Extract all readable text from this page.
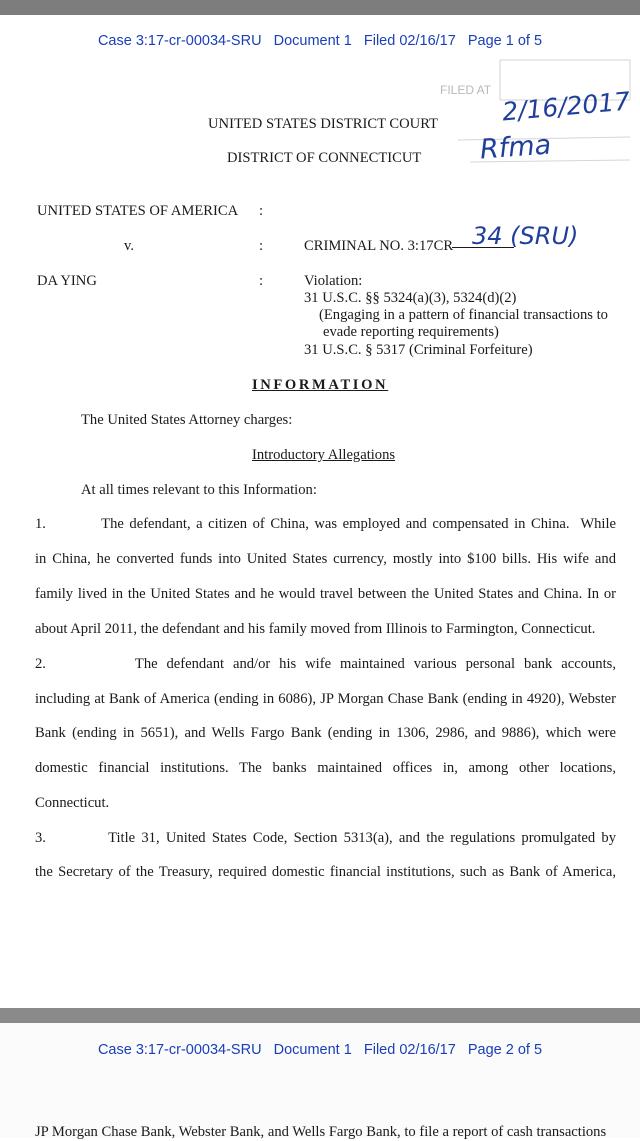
Case 3:17-cr-00034-SRU   Document 1   Filed 02/16/17   Page 1 of 5
UNITED STATES DISTRICT COURT
DISTRICT OF CONNECTICUT
FILED AT 2/16/2017
Rfma
UNITED STATES OF AMERICA :
v.	:	CRIMINAL NO. 3:17CR 34 (SRU)
DA YING	:	Violation:
31 U.S.C. §§ 5324(a)(3), 5324(d)(2)
(Engaging in a pattern of financial transactions to
evade reporting requirements)
31 U.S.C. § 5317 (Criminal Forfeiture)
INFORMATION
The United States Attorney charges:
Introductory Allegations
At all times relevant to this Information:
1.          The defendant, a citizen of China, was employed and compensated in China.  While
in China, he converted funds into United States currency, mostly into $100 bills. His wife and
family lived in the United States and he would travel between the United States and China. In or
about April 2011, the defendant and his family moved from Illinois to Farmington, Connecticut.
2.          The defendant and/or his wife maintained various personal bank accounts,
including at Bank of America (ending in 6086), JP Morgan Chase Bank (ending in 4920), Webster
Bank (ending in 5651), and Wells Fargo Bank (ending in 1306, 2986, and 9886), which were
domestic financial institutions. The banks maintained offices in, among other locations,
Connecticut.
3.          Title 31, United States Code, Section 5313(a), and the regulations promulgated by
the Secretary of the Treasury, required domestic financial institutions, such as Bank of America,
Case 3:17-cr-00034-SRU   Document 1   Filed 02/16/17   Page 2 of 5
JP Morgan Chase Bank, Webster Bank, and Wells Fargo Bank, to file a report of cash transactions
